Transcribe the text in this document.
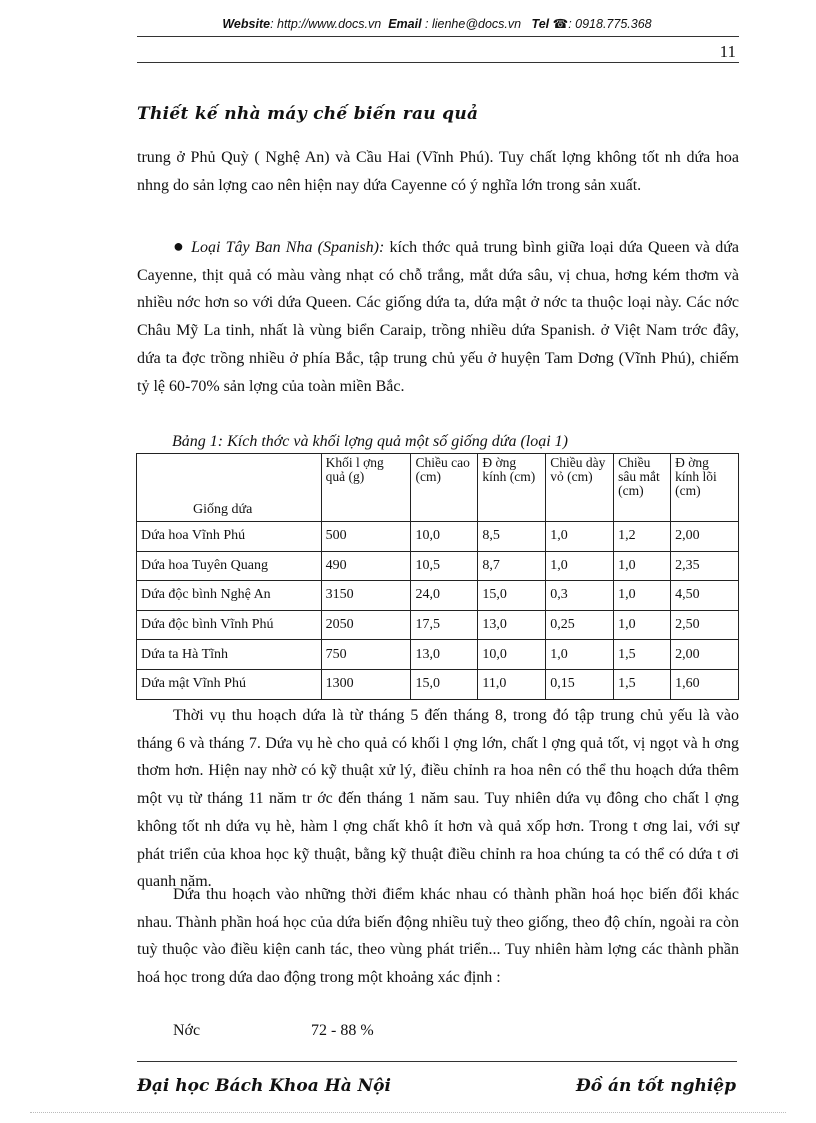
Website: http://www.docs.vn Email : lienhe@docs.vn Tel ☎: 0918.775.368
11
Thiết kế nhà máy chế biến rau quả

trung ở Phủ Quỳ ( Nghệ An) và Cầu Hai (Vĩnh Phú). Tuy chất lợng không tốt nh dứa hoa nhng do sản lợng cao nên hiện nay dứa Cayenne có ý nghĩa lớn trong sản xuất.

● Loại Tây Ban Nha (Spanish): kích thớc quả trung bình giữa loại dứa Queen và dứa Cayenne, thịt quả có màu vàng nhạt có chỗ trắng, mắt dứa sâu, vị chua, hơng kém thơm và nhiều nớc hơn so với dứa Queen. Các giống dứa ta, dứa mật ở nớc ta thuộc loại này. Các nớc Châu Mỹ La tinh, nhất là vùng biển Caraip, trồng nhiều dứa Spanish. ở Việt Nam trớc đây, dứa ta đợc trồng nhiều ở phía Bắc, tập trung chủ yếu ở huyện Tam Dơng (Vĩnh Phú), chiếm tỷ lệ 60-70% sản lợng của toàn miền Bắc.

Bảng 1: Kích thớc và khối lợng quả một số giống dứa (loại 1)
Giống dứa	Khối l ợng quả (g)	Chiều cao (cm)	Đ ờng kính (cm)	Chiều dày vỏ (cm)	Chiều sâu mắt (cm)	Đ ờng kính lõi (cm)
Dứa hoa Vĩnh Phú	500	10,0	8,5	1,0	1,2	2,00
Dứa hoa Tuyên Quang	490	10,5	8,7	1,0	1,0	2,35
Dứa độc bình Nghệ An	3150	24,0	15,0	0,3	1,0	4,50
Dứa độc bình Vĩnh Phú	2050	17,5	13,0	0,25	1,0	2,50
Dứa ta Hà Tĩnh	750	13,0	10,0	1,0	1,5	2,00
Dứa mật Vĩnh Phú	1300	15,0	11,0	0,15	1,5	1,60

Thời vụ thu hoạch dứa là từ tháng 5 đến tháng 8, trong đó tập trung chủ yếu là vào tháng 6 và tháng 7. Dứa vụ hè cho quả có khối l ợng lớn, chất l ợng quả tốt, vị ngọt và h ơng thơm hơn. Hiện nay nhờ có kỹ thuật xử lý, điều chỉnh ra hoa nên có thể thu hoạch dứa thêm một vụ từ tháng 11 năm tr ớc đến tháng 1 năm sau. Tuy nhiên dứa vụ đông cho chất l ợng không tốt nh dứa vụ hè, hàm l ợng chất khô ít hơn và quả xốp hơn. Trong t ơng lai, với sự phát triển của khoa học kỹ thuật, bằng kỹ thuật điều chỉnh ra hoa chúng ta có thể có dứa t ơi quanh năm.

Dứa thu hoạch vào những thời điểm khác nhau có thành phần hoá học biến đổi khác nhau. Thành phần hoá học của dứa biến động nhiều tuỳ theo giống, theo độ chín, ngoài ra còn tuỳ thuộc vào điều kiện canh tác, theo vùng phát triển... Tuy nhiên hàm lợng các thành phần hoá học trong dứa dao động trong một khoảng xác định :

Nớc	72 - 88 %
Đại học Bách Khoa Hà Nội	Đồ án tốt nghiệp
